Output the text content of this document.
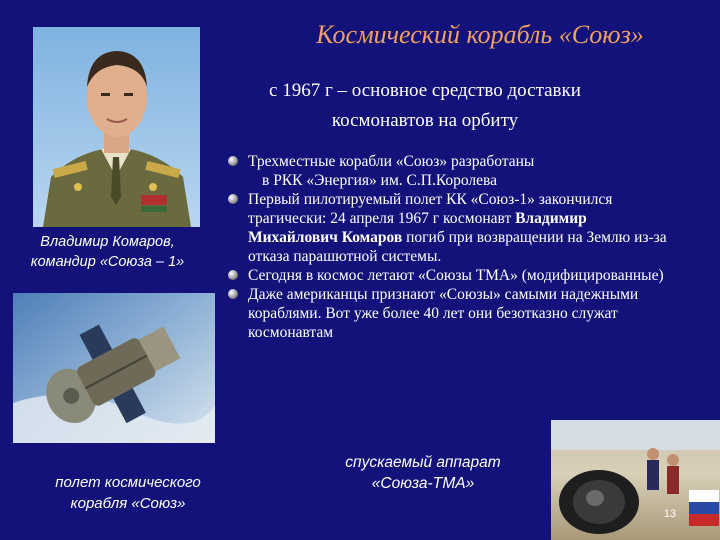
Космический корабль «Союз»
с 1967 г – основное средство доставки
космонавтов на орбиту
Владимир Комаров,
командир «Союза – 1»
полет космического
корабля «Союз»
Трехместные корабли «Союз» разработаны
в РКК «Энергия» им. С.П.Королева
Первый пилотируемый полет КК «Союз-1» закончился трагически: 24 апреля 1967 г космонавт Владимир Михайлович Комаров погиб при возвращении на Землю из-за отказа парашютной системы.
Сегодня в космос летают «Союзы ТМА» (модифицированные)
Даже американцы признают «Союзы» самыми надежными кораблями. Вот уже более 40 лет они безотказно служат космонавтам
спускаемый аппарат
«Союза-ТМА»
13
